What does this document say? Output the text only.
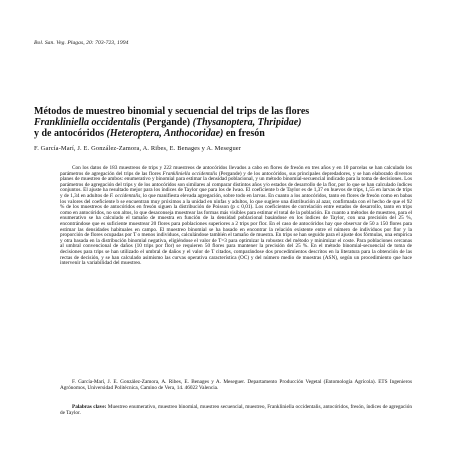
Bol. San. Veg. Plagas, 20: 703-723, 1994
Métodos de muestreo binomial y secuencial del trips de las flores
Frankliniella occidentalis (Pergande) (Thysanoptera, Thripidae)
y de antocóridos (Heteroptera, Anthocoridae) en fresón
F. García-Marí, J. E. González-Zamora, A. Ribes, E. Benages y A. Meseguer

Con los datos de 183 muestreos de trips y 222 muestreos de antocóridos llevados a cabo en flores de fresón en tres años y en 10 parcelas se han calculado los parámetros de agregación del trips de las flores Frankliniella occidentalis (Pergande) y de los antocóridos, sus principales depredadores, y se han elaborado diversos planes de muestreo de ambos: enumerativo y binomial para estimar la densidad poblacional, y un método binomial-secuencial indicado para la toma de decisiones. Los parámetros de agregación del trips y de los antocóridos son similares al comparar distintos años y/o estados de desarrollo de la flor, por lo que se han calculado índices conjuntos. El ajuste ha resultado mejor para los índices de Taylor que para los de Iwao. El coeficiente b de Taylor es de 1,37 en huevos de trips, 1,55 en larvas de trips y de 1,34 en adultos de F. occidentalis, lo que manifiesta elevada agregación, sobre todo en larvas. En cuanto a los antocóridos, tanto en flores de fresón como en babas los valores del coeficiente b se encuentran muy próximos a la unidad en ninfas y adultos, lo que sugiere una distribución al azar, confirmada con el hecho de que el 92 % de los muestreos de antocóridos en fresón siguen la distribución de Poisson (p ≤ 0,01). Los coeficientes de correlación entre estados de desarrollo, tanto en trips como en antocóridos, no son altos, lo que desaconseja muestrear las formas más visibles para estimar el total de la población. En cuanto a métodos de muestreo, para el enumerativo se ha calculado el tamaño de muestra en función de la densidad poblacional basándose en los índices de Taylor, con una precisión del 25 %, encontrándose que es suficiente muestrear 20 flores para poblaciones superiores a 2 trips por flor. En el caso de antocóridos hay que observar de 50 a 150 flores para estimar las densidades habituales en campo. El muestreo binomial se ha basado en encontrar la relación existente entre el número de individuos por flor y la proporción de flores ocupadas por T o menos individuos, calculándose también el tamaño de muestra. En trips se han seguido para el ajuste dos fórmulas, una empírica y otra basada en la distribución binomial negativa, eligiéndose el valor de T=3 para optimizar la robustez del método y minimizar el coste. Para poblaciones cercanas al umbral convencional de daños (10 trips por flor) se requieren 50 flores para mantener la precisión del 25 %. En el método binomial-secuencial de toma de decisiones para trips se han utilizado el umbral de daños y el valor de T citados, comparándose dos procedimientos descritos en la literatura para la obtención de las rectas de decisión, y se han calculado asimismo las curvas operativa característica (OC) y del número medio de muestras (ASN), según un procedimiento que hace intervenir la variabilidad del muestreo.

F. García-Marí, J. E. González-Zamora, A. Ribes, E. Benages y A. Meseguer. Departamento Producción Vegetal (Entomología Agrícola). ETS Ingenieros Agrónomos, Universidad Politécnica, Camino de Vera, 14. 46022 Valencia.

Palabras clave: Muestreo enumerativo, muestreo binomial, muestreo secuencial, muestreo, Frankliniella occidentalis, antocóridos, fresón, índices de agregación de Taylor.
